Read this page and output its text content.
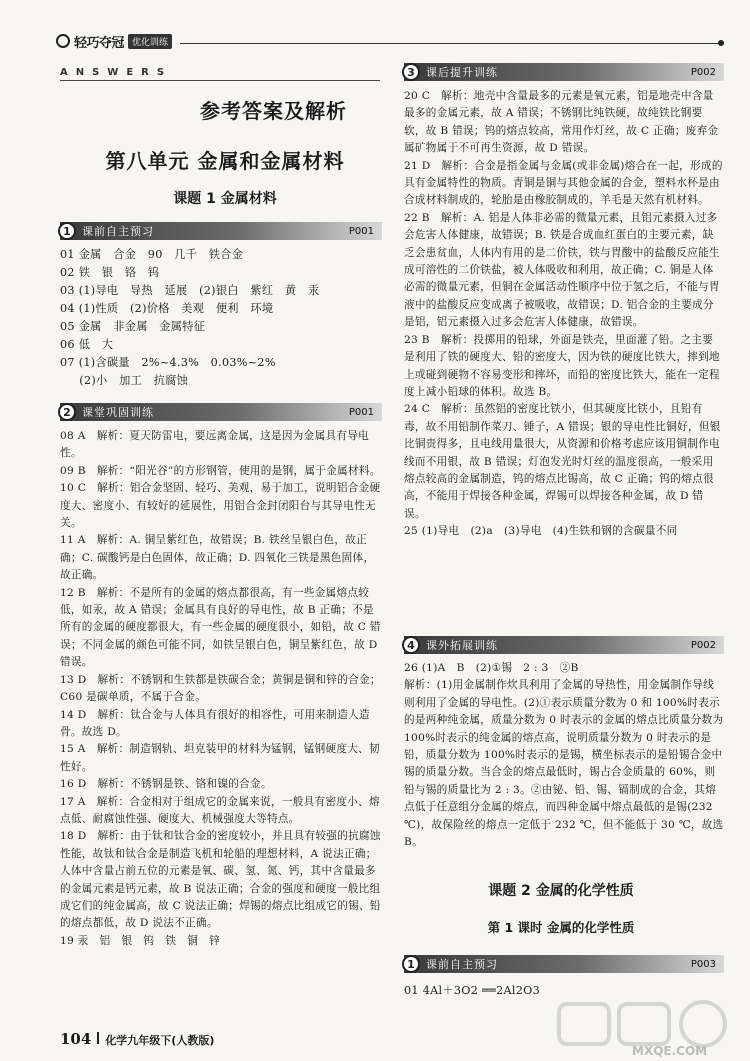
轻巧夺冠 优化训练
ANSWERS
参考答案及解析
第八单元 金属和金属材料
课题 1 金属材料
1	课前自主预习	P001

01 金属   合金   90   几千   铁合金

02 铁   银   铬   钨

03 (1)导电   导热   延展   (2)银白   紫红   黄   汞

04 (1)性质   (2)价格   美观   便利   环境

05 金属   非金属   金属特征

06 低   大

07 (1)含碳量   2%~4.3%   0.03%~2%
(2)小   加工   抗腐蚀

2	课堂巩固训练	P001

08 A   解析：夏天防雷电，要远离金属，这是因为金属具有导电性。

09 B   解析：“阳光谷”的方形钢管，使用的是钢，属于金属材料。

10 C   解析：铝合金坚固、轻巧、美观，易于加工，说明铝合金硬度大、密度小、有较好的延展性，用铝合金封闭阳台与其导电性无关。

11 A   解析：A. 铜呈紫红色，故错误；B. 铁丝呈银白色，故正确；C. 碳酸钙是白色固体，故正确；D. 四氧化三铁是黑色固体，故正确。

12 B   解析：不是所有的金属的熔点都很高，有一些金属熔点较低，如汞，故 A 错误；金属具有良好的导电性，故 B 正确；不是所有的金属的硬度都很大，有一些金属的硬度很小，如铅，故 C 错误；不同金属的颜色可能不同，如铁呈银白色，铜呈紫红色，故 D 错误。

13 D   解析：不锈钢和生铁都是铁碳合金；黄铜是铜和锌的合金；C60 是碳单质，不属于合金。

14 D   解析：钛合金与人体具有很好的相容性，可用来制造人造骨。故选 D。

15 A   解析：制造钢轨、坦克装甲的材料为锰钢，锰钢硬度大、韧性好。

16 D   解析：不锈钢是铁、铬和镍的合金。

17 A   解析：合金相对于组成它的金属来说，一般具有密度小、熔点低、耐腐蚀性强、硬度大、机械强度大等特点。

18 D   解析：由于钛和钛合金的密度较小，并且具有较强的抗腐蚀性能，故钛和钛合金是制造飞机和轮船的理想材料，A 说法正确；人体中含量占前五位的元素是氧、碳、氢、氮、钙，其中含量最多的金属元素是钙元素，故 B 说法正确；合金的强度和硬度一般比组成它们的纯金属高，故 C 说法正确；焊锡的熔点比组成它的锡、铅的熔点都低，故 D 说法不正确。

19 汞   铝   银   钨   铁   铜   锌

3	课后提升训练	P002

20 C   解析：地壳中含量最多的元素是氧元素，铝是地壳中含量最多的金属元素，故 A 错误；不锈钢比纯铁硬，故纯铁比钢要软，故 B 错误；钨的熔点较高，常用作灯丝，故 C 正确；废弃金属矿物属于不可再生资源，故 D 错误。

21 D   解析：合金是指金属与金属(或非金属)熔合在一起，形成的具有金属特性的物质。青铜是铜与其他金属的合金，塑料水杯是由合成材料制成的，轮胎是由橡胶制成的，羊毛是天然有机材料。

22 B   解析：A. 铝是人体非必需的微量元素，且铝元素摄入过多会危害人体健康，故错误；B. 铁是合成血红蛋白的主要元素，缺乏会患贫血，人体内有用的是二价铁，铁与胃酸中的盐酸反应能生成可溶性的二价铁盐，被人体吸收和利用，故正确；C. 铜是人体必需的微量元素，但铜在金属活动性顺序中位于氢之后，不能与胃液中的盐酸反应变成离子被吸收，故错误；D. 铝合金的主要成分是铝，铝元素摄入过多会危害人体健康，故错误。

23 B   解析：投掷用的铅球，外面是铁壳，里面灌了铅。之主要是利用了铁的硬度大、铅的密度大，因为铁的硬度比铁大，摔到地上或碰到硬物不容易变形和摔坏，而铅的密度比铁大，能在一定程度上减小铅球的体积。故选 B。

24 C   解析：虽然铝的密度比铁小，但其硬度比铁小，且铅有毒，故不用铅制作菜刀、锤子，A 错误；银的导电性比铜好，但银比铜贵得多，且电线用量很大，从资源和价格考虑应该用铜制作电线而不用银，故 B 错误；灯泡发光时灯丝的温度很高，一般采用熔点较高的金属制造，钨的熔点比锡高，故 C 正确；钨的熔点很高，不能用于焊接各种金属，焊锡可以焊接各种金属，故 D 错误。

25 (1)导电   (2)a   (3)导电   (4)生铁和钢的含碳量不同

4	课外拓展训练	P002

26 (1)A   B   (2)①锡   2 : 3   ②B

解析：(1)用金属制作炊具利用了金属的导热性，用金属制作导线则利用了金属的导电性。(2)①表示质量分数为 0 和 100%时表示的是两种纯金属，质量分数为 0 时表示的金属的熔点比质量分数为 100%时表示的纯金属的熔点高，说明质量分数为 0 时表示的是铅，质量分数为 100%时表示的是锡，横坐标表示的是铅锡合金中锡的质量分数。当合金的熔点最低时，锡占合金质量的 60%，则铅与锡的质量比为 2 : 3。②由铋、铅、锡、镉制成的合金，其熔点低于任意组分金属的熔点，而四种金属中熔点最低的是锡(232 ℃)，故保险丝的熔点一定低于 232 ℃，但不能低于 30 ℃，故选 B。

课题 2 金属的化学性质
第 1 课时 金属的化学性质
1	课前自主预习	P003

01 4Al＋3O2 ══2Al2O3

104 化学九年级下(人教版)
MXQE.COM
